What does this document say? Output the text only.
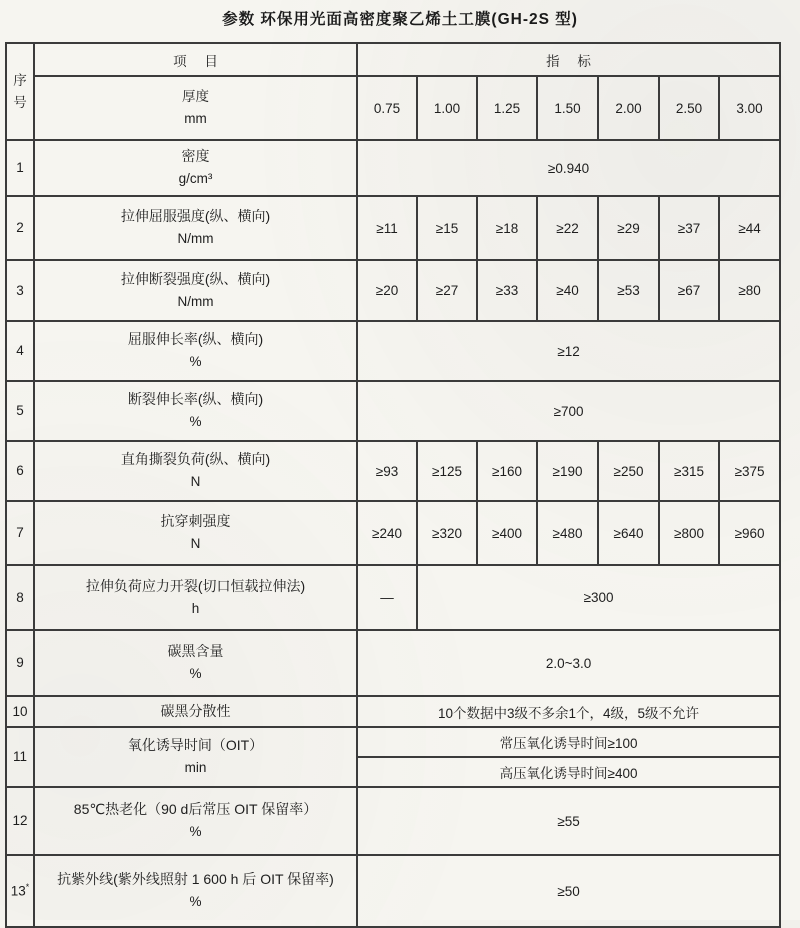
参数 环保用光面高密度聚乙烯土工膜(GH-2S 型)
序号	项 目	指 标						

	厚度
mm	0.75	1.00	1.25	1.50	2.00	2.50	3.00
1	密度
g/cm³	≥0.940						
2	拉伸屈服强度(纵、横向)
N/mm	≥11	≥15	≥18	≥22	≥29	≥37	≥44
3	拉伸断裂强度(纵、横向)
N/mm	≥20	≥27	≥33	≥40	≥53	≥67	≥80
4	屈服伸长率(纵、横向)
%	≥12						
5	断裂伸长率(纵、横向)
%	≥700						
6	直角撕裂负荷(纵、横向)
N	≥93	≥125	≥160	≥190	≥250	≥315	≥375
7	抗穿刺强度
N	≥240	≥320	≥400	≥480	≥640	≥800	≥960
8	拉伸负荷应力开裂(切口恒载拉伸法)
h	—	≥300					
9	碳黑含量
%	2.0~3.0						
10	碳黑分散性	10个数据中3级不多余1个，4级，5级不允许						
11	氧化诱导时间（OIT）
min	常压氧化诱导时间≥100						
		高压氧化诱导时间≥400						
12	85℃热老化（90 d后常压 OIT 保留率）
%	≥55						
13*	抗紫外线(紫外线照射 1 600 h 后 OIT 保留率)
%	≥50						
